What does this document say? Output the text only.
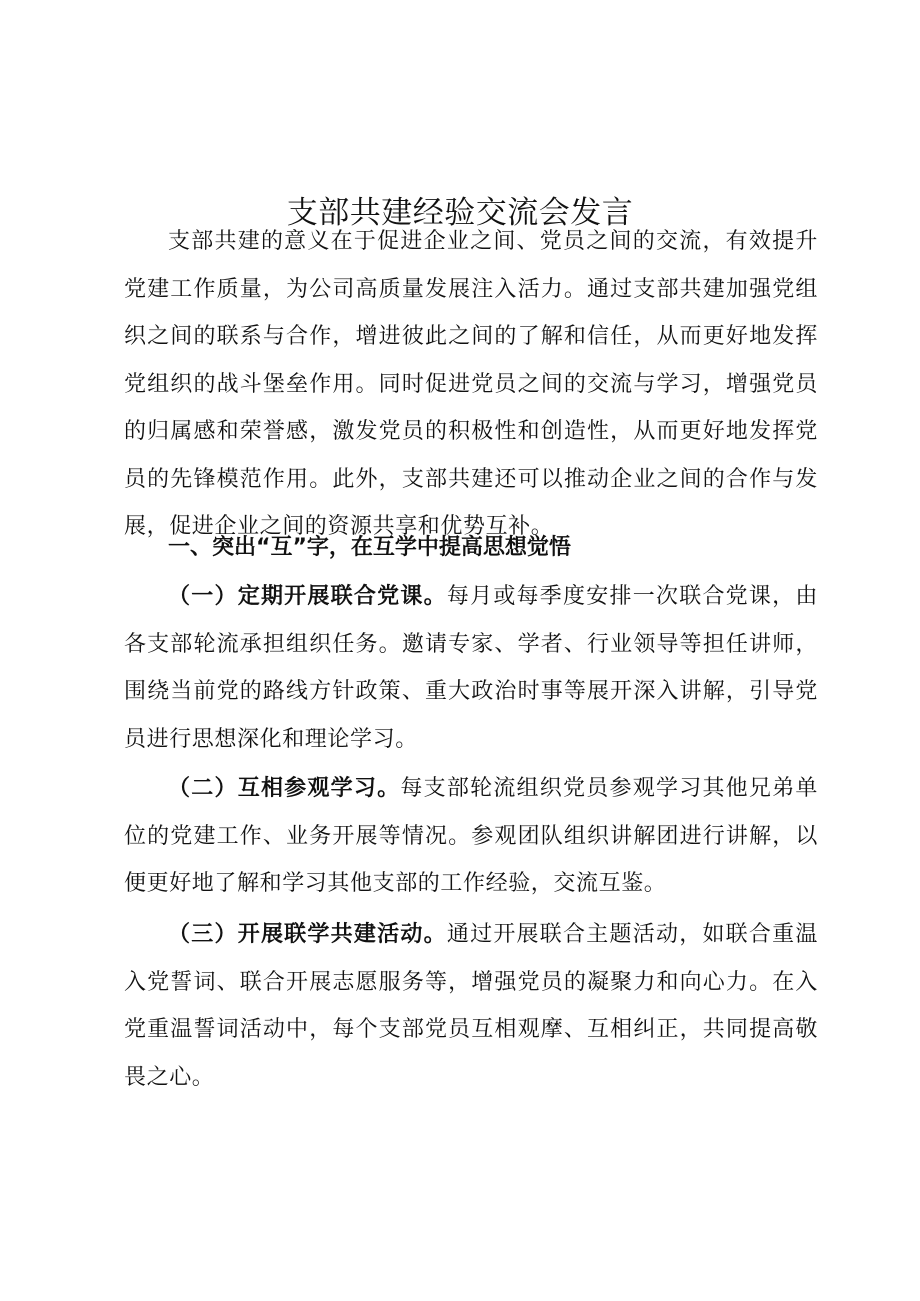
支部共建经验交流会发言

支部共建的意义在于促进企业之间、党员之间的交流，有效提升党建工作质量，为公司高质量发展注入活力。通过支部共建加强党组织之间的联系与合作，增进彼此之间的了解和信任，从而更好地发挥党组织的战斗堡垒作用。同时促进党员之间的交流与学习，增强党员的归属感和荣誉感，激发党员的积极性和创造性，从而更好地发挥党员的先锋模范作用。此外，支部共建还可以推动企业之间的合作与发展，促进企业之间的资源共享和优势互补。

一、突出“互”字，在互学中提高思想觉悟

（一）定期开展联合党课。每月或每季度安排一次联合党课，由各支部轮流承担组织任务。邀请专家、学者、行业领导等担任讲师，围绕当前党的路线方针政策、重大政治时事等展开深入讲解，引导党员进行思想深化和理论学习。

（二）互相参观学习。每支部轮流组织党员参观学习其他兄弟单位的党建工作、业务开展等情况。参观团队组织讲解团进行讲解，以便更好地了解和学习其他支部的工作经验，交流互鉴。

（三）开展联学共建活动。通过开展联合主题活动，如联合重温入党誓词、联合开展志愿服务等，增强党员的凝聚力和向心力。在入党重温誓词活动中，每个支部党员互相观摩、互相纠正，共同提高敬畏之心。
